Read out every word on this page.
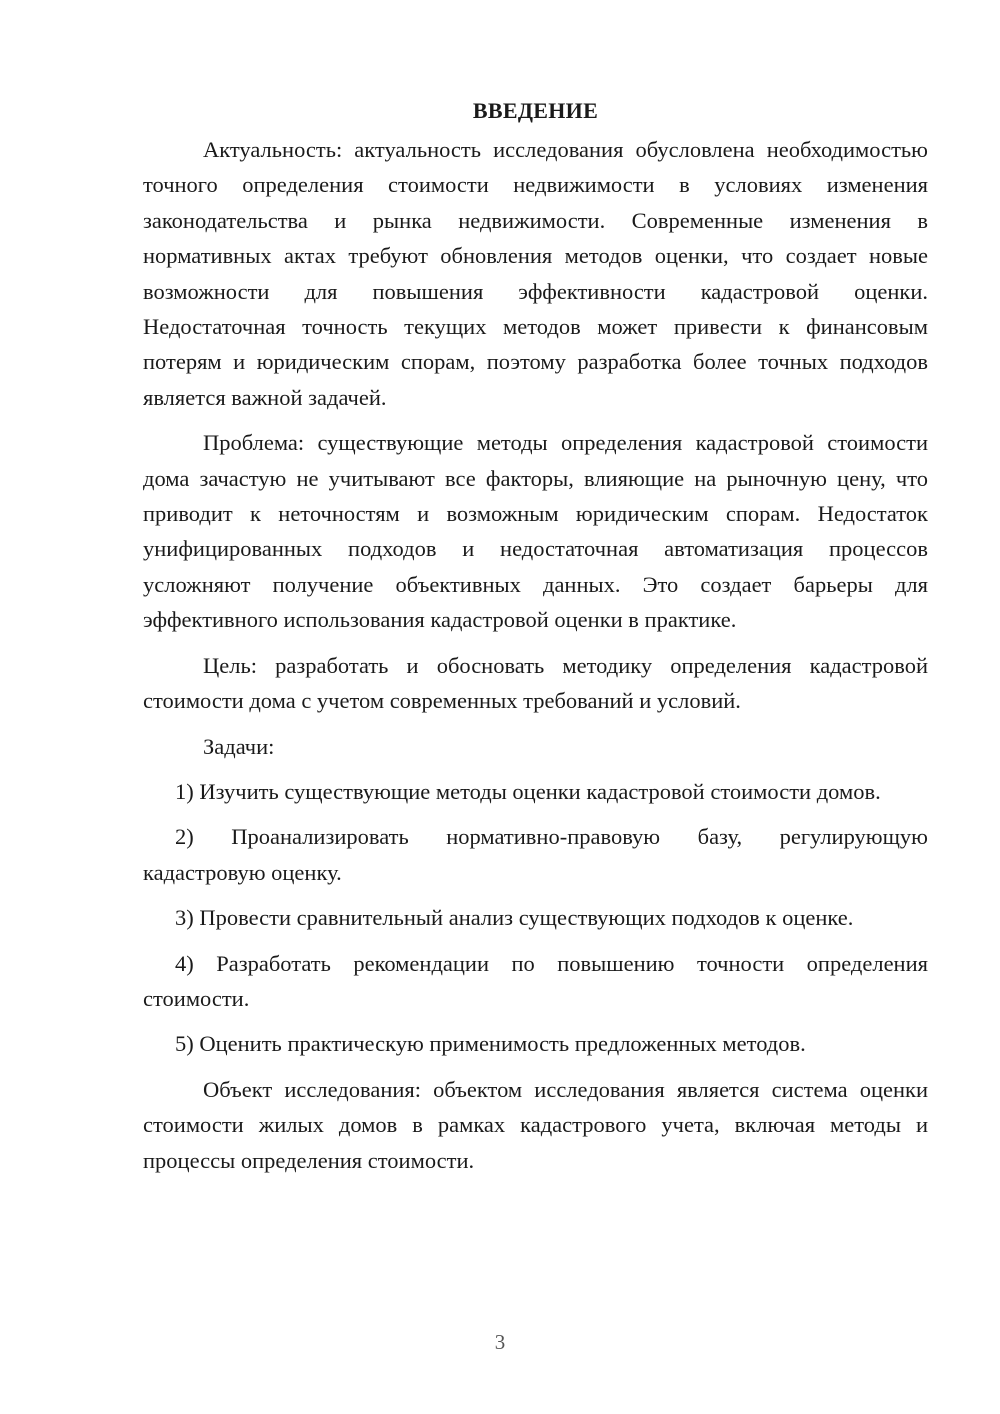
ВВЕДЕНИЕ

Актуальность: актуальность исследования обусловлена необходимостью точного определения стоимости недвижимости в условиях изменения законодательства и рынка недвижимости. Современные изменения в нормативных актах требуют обновления методов оценки, что создает новые возможности для повышения эффективности кадастровой оценки. Недостаточная точность текущих методов может привести к финансовым потерям и юридическим спорам, поэтому разработка более точных подходов является важной задачей.

Проблема: существующие методы определения кадастровой стоимости дома зачастую не учитывают все факторы, влияющие на рыночную цену, что приводит к неточностям и возможным юридическим спорам. Недостаток унифицированных подходов и недостаточная автоматизация процессов усложняют получение объективных данных. Это создает барьеры для эффективного использования кадастровой оценки в практике.

Цель: разработать и обосновать методику определения кадастровой стоимости дома с учетом современных требований и условий.

Задачи:

1) Изучить существующие методы оценки кадастровой стоимости домов.

2) Проанализировать нормативно-правовую базу, регулирующую кадастровую оценку.

3) Провести сравнительный анализ существующих подходов к оценке.

4) Разработать рекомендации по повышению точности определения стоимости.

5) Оценить практическую применимость предложенных методов.

Объект исследования: объектом исследования является система оценки стоимости жилых домов в рамках кадастрового учета, включая методы и процессы определения стоимости.

3
